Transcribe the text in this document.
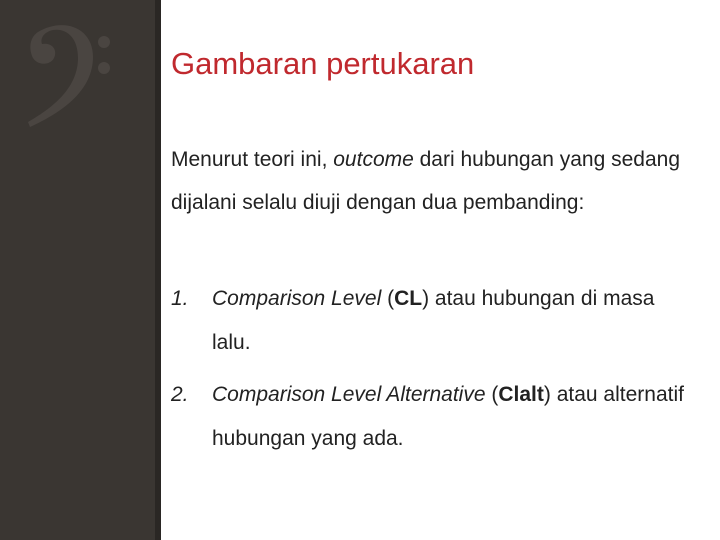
Gambaran pertukaran
Menurut teori ini, outcome dari hubungan yang sedang dijalani selalu diuji dengan dua pembanding:
1. Comparison Level (CL) atau hubungan di masa lalu.
2. Comparison Level Alternative (Clalt) atau alternatif hubungan yang ada.
